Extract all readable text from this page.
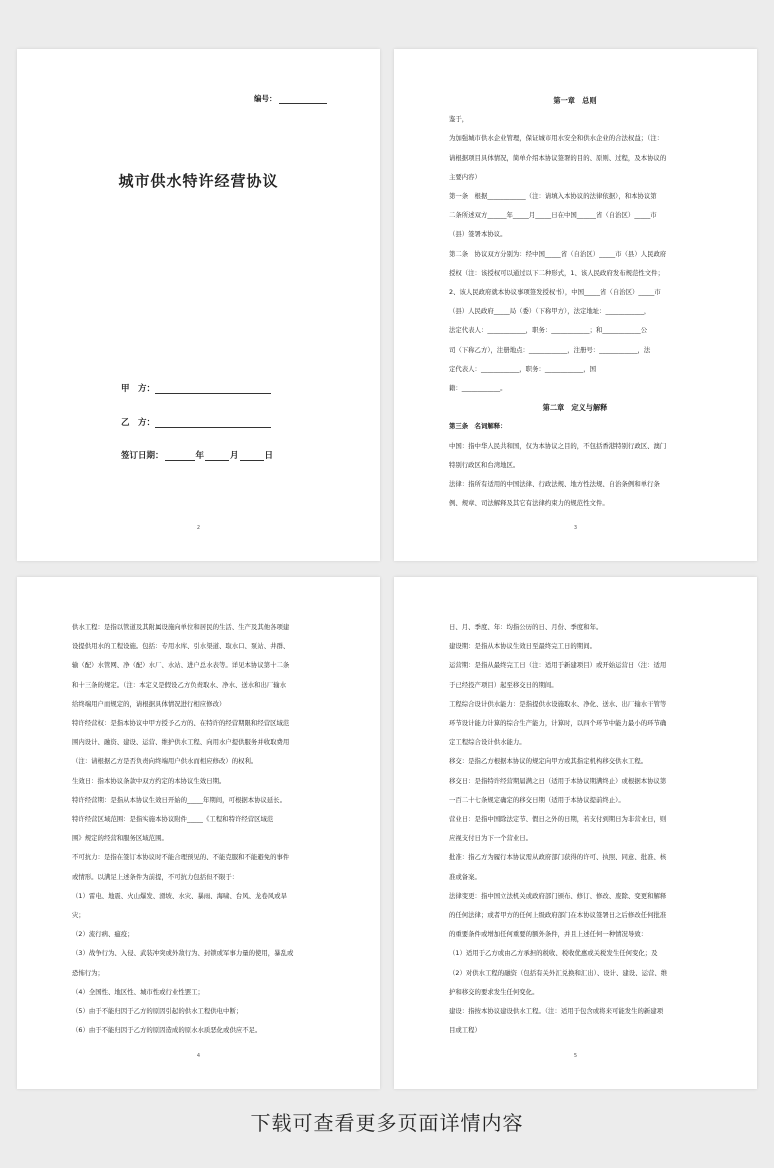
编号：
城市供水特许经营协议
甲　方：
乙　方：
签订日期：	年	月	日
2

第一章　总则

鉴于，

为加强城市供水企业管理，保证城市用水安全和供水企业的合法权益；（注：

请根据项目具体情况，简单介绍本协议签署的目的、原则、过程，及本协议的

主要内容）

第一条　根据____________（注：请填入本协议的法律依据），和本协议第

二条所述双方______年_____月_____日在中国______省（自治区）_____市

（县）签署本协议。

第二条　协议双方分别为：经中国_____省（自治区）_____市（县）人民政府

授权（注：该授权可以通过以下二种形式，1、该人民政府发布规范性文件；

2、该人民政府就本协议事项签发授权书），中国_____省（自治区）_____市

（县）人民政府_____局（委）（下称甲方），法定地址：____________，

法定代表人：____________，职务：____________；和____________公

司（下称乙方），注册地点：____________，注册号：____________，法

定代表人：____________，职务：____________，国

籍：____________。

第二章　定义与解释

第三条　名词解释：

中国：指中华人民共和国，仅为本协议之目的，不包括香港特别行政区、澳门

特别行政区和台湾地区。

法律：指所有适用的中国法律、行政法规、地方性法规、自治条例和单行条

例、规章、司法解释及其它有法律约束力的规范性文件。

3

供水工程：是指以管道及其附属设施向单位和居民的生活、生产及其他各项建

设提供用水的工程设施。包括：专用水库、引水渠道、取水口、泵站、井群、

输（配）水管网、净（配）水厂、水站、进户总水表等。详见本协议第十二条

和十三条的规定。（注：本定义是假设乙方负责取水、净水、送水和出厂输水

给终端用户而规定的，请根据具体情况进行相应修改）

特许经营权：是指本协议中甲方授予乙方的、在特许的经营期限和经营区域范

围内设计、融资、建设、运营、维护供水工程、向用水户提供服务并收取费用

（注：请根据乙方是否负责向终端用户供水而相应修改）的权利。

生效日：指本协议条款中双方约定的本协议生效日期。

特许经营期：是指从本协议生效日开始的_____年期间，可根据本协议延长。

特许经营区域范围：是指实施本协议附件_____《工程和特许经营区域范

围》规定的经营和服务区域范围。

不可抗力：是指在签订本协议时不能合理预见的、不能克服和不能避免的事件

或情形。以满足上述条件为前提，不可抗力包括但不限于：

（1）雷电、地震、火山爆发、滑坡、水灾、暴雨、海啸、台风、龙卷风或旱

灾；

（2）流行病、瘟疫；

（3）战争行为、入侵、武装冲突或外敌行为、封锁或军事力量的使用，暴乱或

恐怖行为；

（4）全国性、地区性、城市性或行业性罢工；

（5）由于不能归因于乙方的原因引起的供水工程供电中断；

（6）由于不能归因于乙方的原因造成的原水水质恶化或供应不足。

4

日、月、季度、年：均指公历的日、月份、季度和年。

建设期：是指从本协议生效日至最终完工日的期间。

运营期：是指从最终完工日（注：适用于新建项目）或开始运营日（注：适用

于已经投产项目）起至移交日的期间。

工程综合设计供水能力：是指提供水设施取水、净化、送水、出厂输水干管等

环节设计能力计算的综合生产能力，计算时，以四个环节中能力最小的环节确

定工程综合设计供水能力。

移交：是指乙方根据本协议的规定向甲方或其指定机构移交供水工程。

移交日：是指特许经营期届满之日（适用于本协议期满终止）或根据本协议第

一百二十七条规定确定的移交日期（适用于本协议提前终止）。

营业日：是指中国除法定节、假日之外的日期，若支付到期日为非营业日，则

应视支付日为下一个营业日。

批准：指乙方为履行本协议需从政府部门获得的许可、执照、同意、批准、核

准或备案。

法律变更：指中国立法机关或政府部门颁布、修订、修改、废除、变更和解释

的任何法律；或者甲方的任何上级政府部门在本协议签署日之后修改任何批准

的重要条件或增加任何重要的额外条件，并且上述任何一种情况导致：

（1）适用于乙方或由乙方承担的税收、税收优惠或关税发生任何变化；及

（2）对供水工程的融资（包括有关外汇兑换和汇出）、设计、建设、运营、维

护和移交的要求发生任何变化。

建设：指按本协议建设供水工程。（注：适用于包含或将来可能发生的新建项

目或工程）

5
下载可查看更多页面详情内容
